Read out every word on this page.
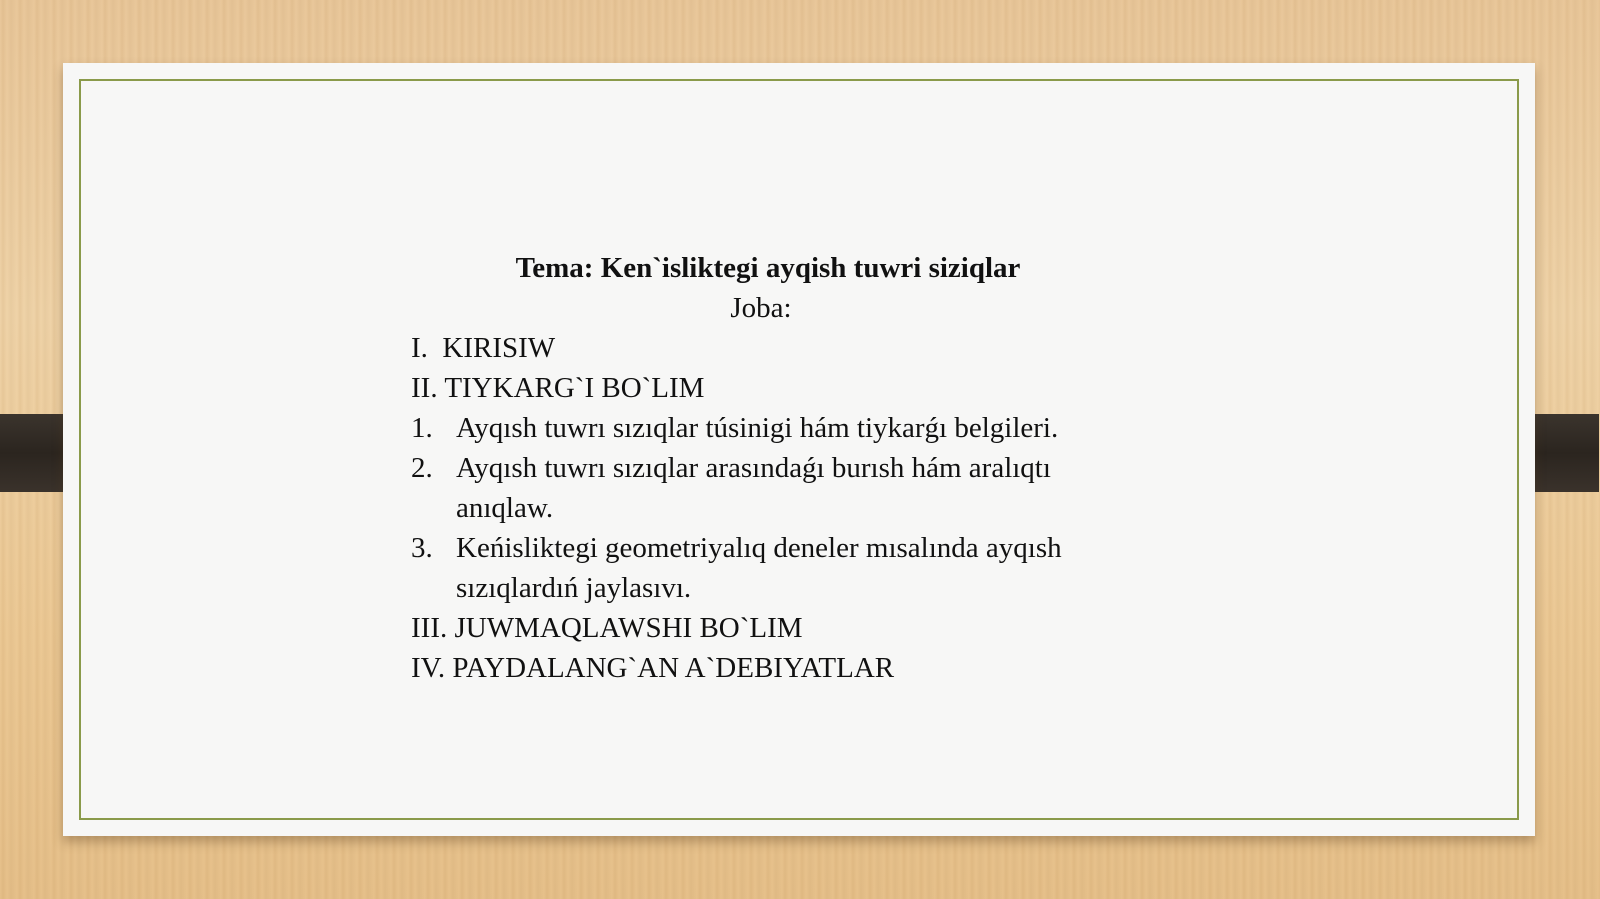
Tema: Ken`isliktegi ayqish tuwri siziqlar
Joba:
I. KIRISIW
II. TIYKARG`I BO`LIM
1. Ayqısh tuwrı sızıqlar túsinigi hám tiykarǵı belgileri.
2. Ayqısh tuwrı sızıqlar arasındaǵı burısh hám aralıqtı anıqlaw.
3. Keńisliktegi geometriyalıq deneler mısalında ayqısh sızıqlardıń jaylasıvı.
III. JUWMAQLAWSHI BO`LIM
IV. PAYDALANG`AN A`DEBIYATLAR
